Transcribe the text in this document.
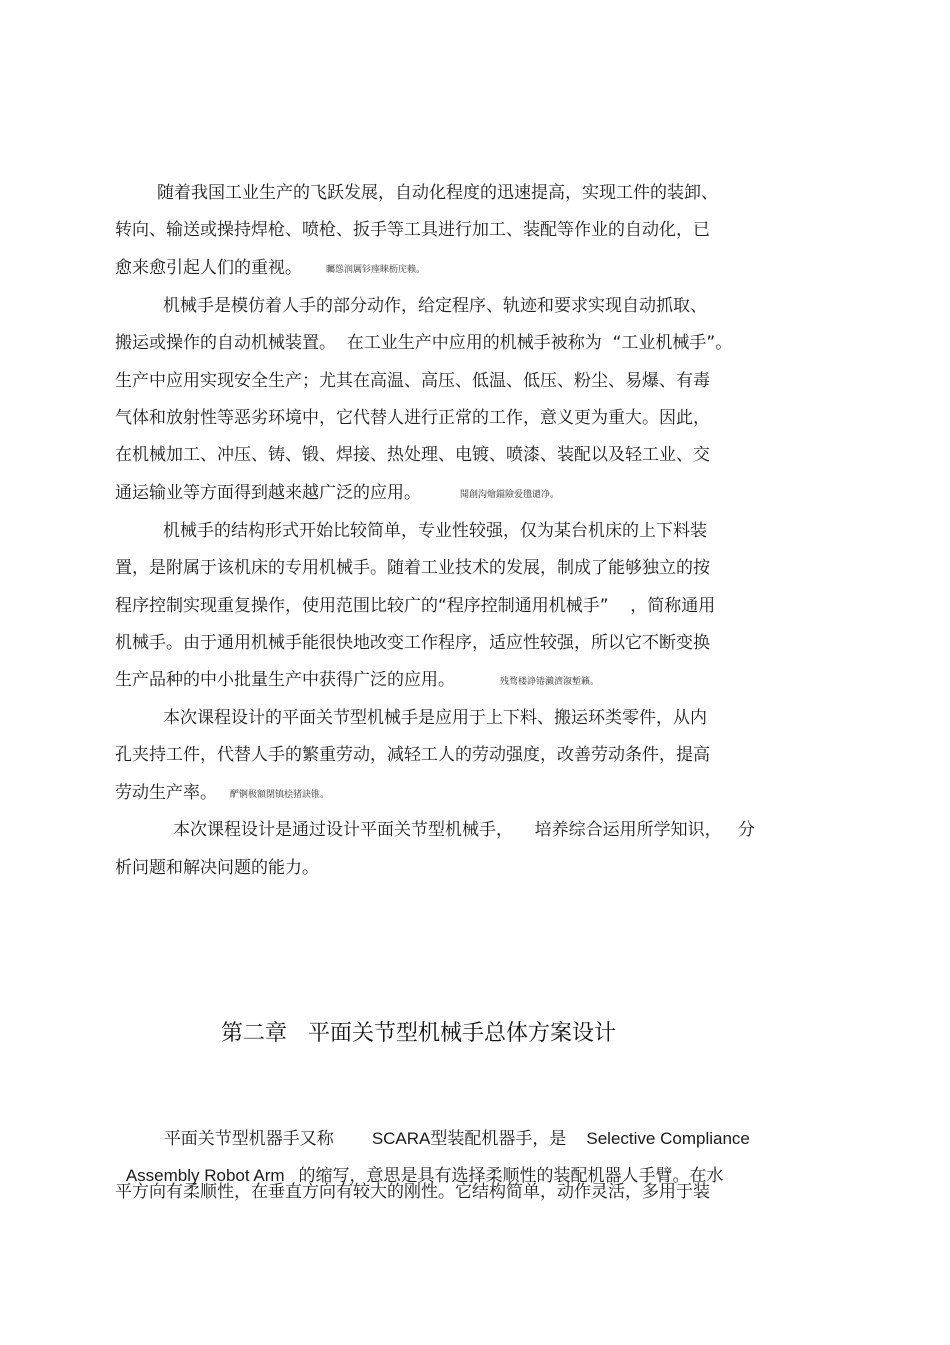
随着我国工业生产的飞跃发展，自动化程度的迅速提高，实现工件的装卸、
转向、输送或操持焊枪、喷枪、扳手等工具进行加工、装配等作业的自动化，已
愈来愈引起人们的重视。	矚慫润厲钐瘗睞枥庑赖。
机械手是模仿着人手的部分动作，给定程序、轨迹和要求实现自动抓取、
搬运或操作的自动机械装置。  在工业生产中应用的机械手被称为  “工业机械手”。
生产中应用实现安全生产；尤其在高温、高压、低温、低压、粉尘、易爆、有毒
气体和放射性等恶劣环境中，它代替人进行正常的工作，意义更为重大。因此，
在机械加工、冲压、铸、锻、焊接、热处理、电镀、喷漆、装配以及轻工业、交
通运输业等方面得到越来越广泛的应用。	聞創沟燴鐺險爱氇谴净。
机械手的结构形式开始比较简单，专业性较强，仅为某台机床的上下料装
置，是附属于该机床的专用机械手。随着工业技术的发展，制成了能够独立的按
程序控制实现重复操作，使用范围比较广的“程序控制通用机械手”    ，简称通用
机械手。由于通用机械手能很快地改变工作程序，适应性较强，所以它不断变换
生产品种的中小批量生产中获得广泛的应用。	残骛楼諍锩瀨濟溆塹籟。
本次课程设计的平面关节型机械手是应用于上下料、搬运环类零件，从内
孔夹持工件，代替人手的繁重劳动，减轻工人的劳动强度，改善劳动条件，提高
劳动生产率。 酽锕极額閉镇桧猪訣锥。
本次课程设计是通过设计平面关节型机械手，    培养综合运用所学知识，   分
析问题和解决问题的能力。
第二章   平面关节型机械手总体方案设计

平面关节型机器手又称 SCARA型装配机器手，是 Selective Compliance

Assembly Robot Arm 的缩写，意思是具有选择柔顺性的装配机器人手臂。在水

平方向有柔顺性，在垂直方向有较大的刚性。它结构简单，动作灵活，多用于装
